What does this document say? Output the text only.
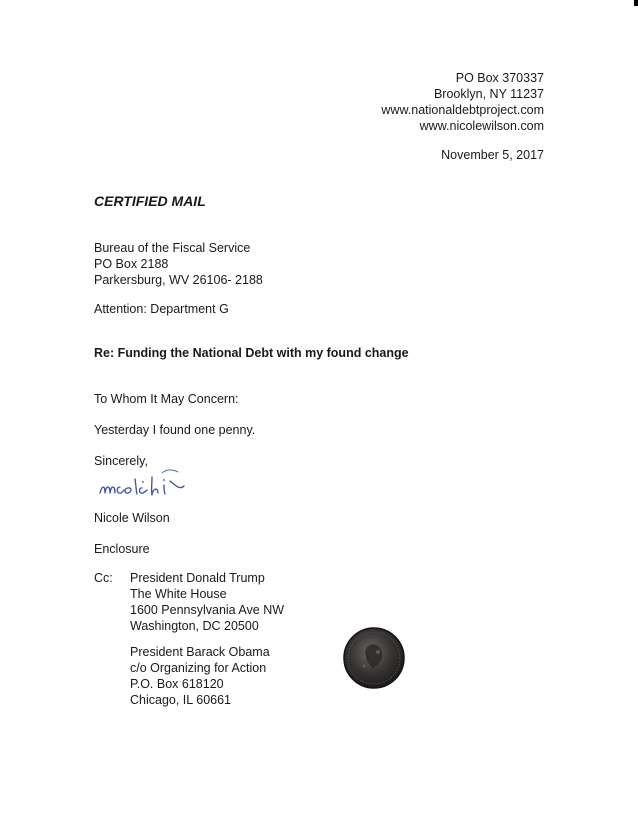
PO Box 370337
Brooklyn, NY 11237
www.nationaldebtproject.com
www.nicolewilson.com
November 5, 2017
CERTIFIED MAIL
Bureau of the Fiscal Service
PO Box 2188
Parkersburg, WV 26106- 2188
Attention: Department G
Re: Funding the National Debt with my found change
To Whom It May Concern:
Yesterday I found one penny.
Sincerely,
Nicole Wilson
Enclosure
Cc: President Donald Trump
The White House
1600 Pennsylvania Ave NW
Washington, DC 20500
President Barack Obama
c/o Organizing for Action
P.O. Box 618120
Chicago, IL 60661
